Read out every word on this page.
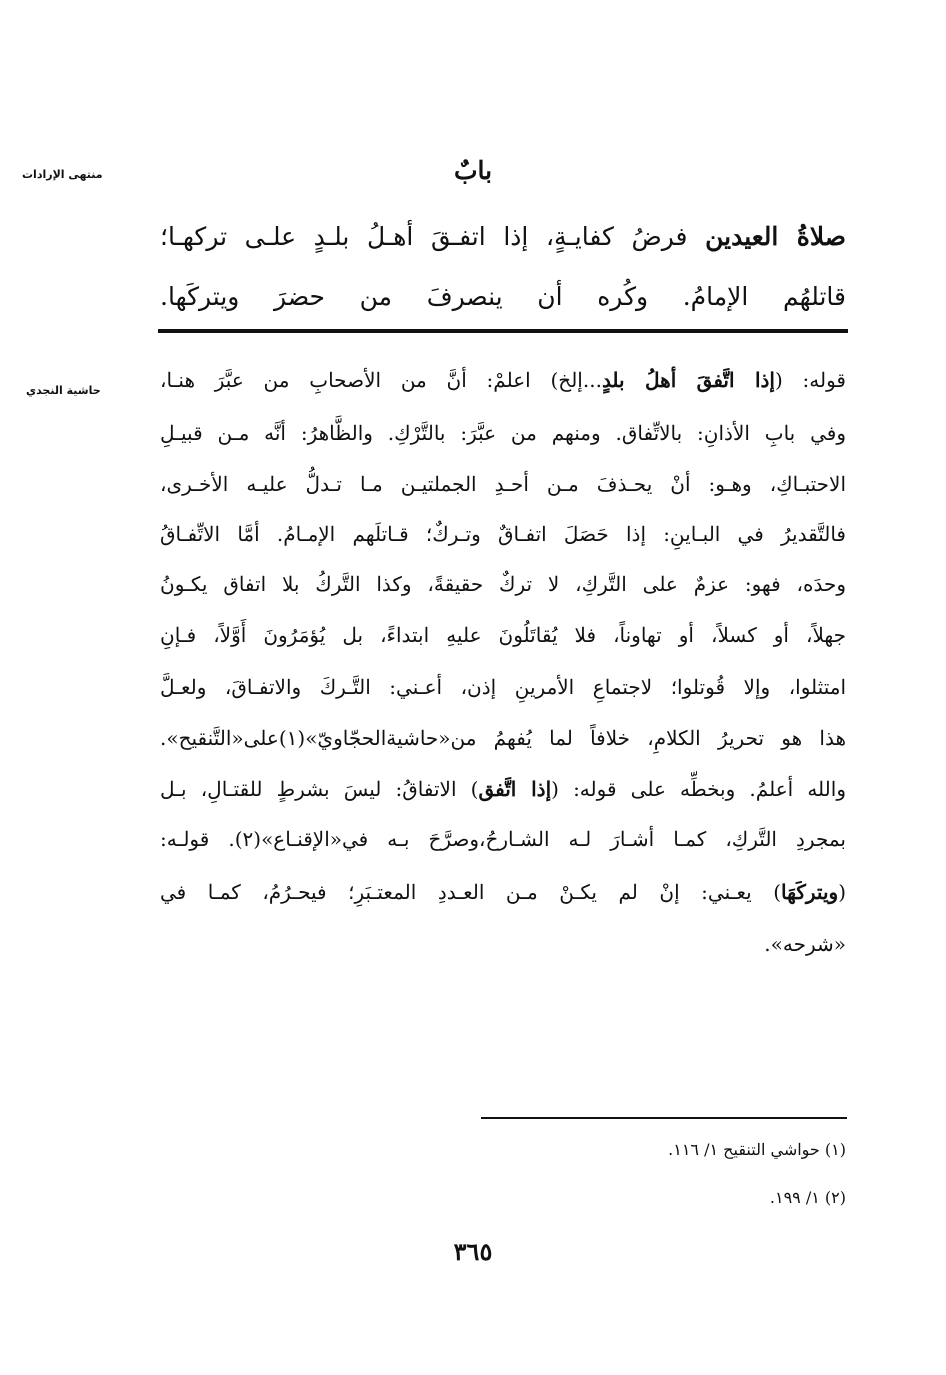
منتهى الإرادات
حاشية النجدي
بابٌ
صلاةُ العيدين فرضُ كفايـةٍ، إذا اتفـقَ أهـلُ بلـدٍ علـى تركهـا؛
قاتلهُم الإمامُ. وكُره أن ينصرفَ من حضرَ ويتركَها.
قوله: (إذا اتَّفقَ أهلُ بلدٍ...إلخ) اعلمْ: أنَّ من الأصحابِ من عبَّرَ هنـا،
وفي بابِ الأذانِ: بالاتِّفاق. ومنهم من عبَّرَ: بالتَّرْكِ. والظَّاهرُ: أنَّه مـن قبيـلِ
الاحتبـاكِ، وهـو: أنْ يحـذفَ مـن أحـدِ الجملتيـن مـا تـدلُّ عليـه الأخـرى،
فالتَّقديرُ في البـاينِ: إذا حَصَلَ اتفـاقٌ وتـركٌ؛ قـاتلَهم الإمـامُ. أمَّا الاتِّفـاقُ
وحدَه، فهو: عزمٌ على التَّركِ، لا تركٌ حقيقةً، وكذا التَّركُ بلا اتفاق يكـونُ
جهلاً، أو كسلاً، أو تهاوناً، فلا يُقاتَلُونَ عليهِ ابتداءً، بل يُؤمَرُونَ أَوَّلاً، فـإنِ
امتثلوا، وإلا قُوتلوا؛ لاجتماعِ الأمرينِ إذن، أعـني: التَّـركَ والاتفـاقَ، ولعـلَّ
هذا هو تحريرُ الكلامِ، خلافاً لما يُفهمُ من«حاشيةالحجّاويّ»(١)على«التَّنقيح».
والله أعلمُ. وبخطِّه على قوله: (إذا اتَّفق) الاتفاقُ: ليسَ بشرطٍ للقتـالِ، بـل
بمجردِ التَّركِ، كمـا أشـارَ لـه الشـارحُ،وصرَّحَ بـه في«الإقنـاع»(٢). قولـه:
(ويتركَهَا) يعـني: إنْ لم يكـنْ مـن العـددِ المعتـبَرِ؛ فيحـرُمُ، كمـا في
«شرحه».
(١) حواشي التنقيح ١/ ١١٦.
(٢) ١/ ١٩٩.
٣٦٥
